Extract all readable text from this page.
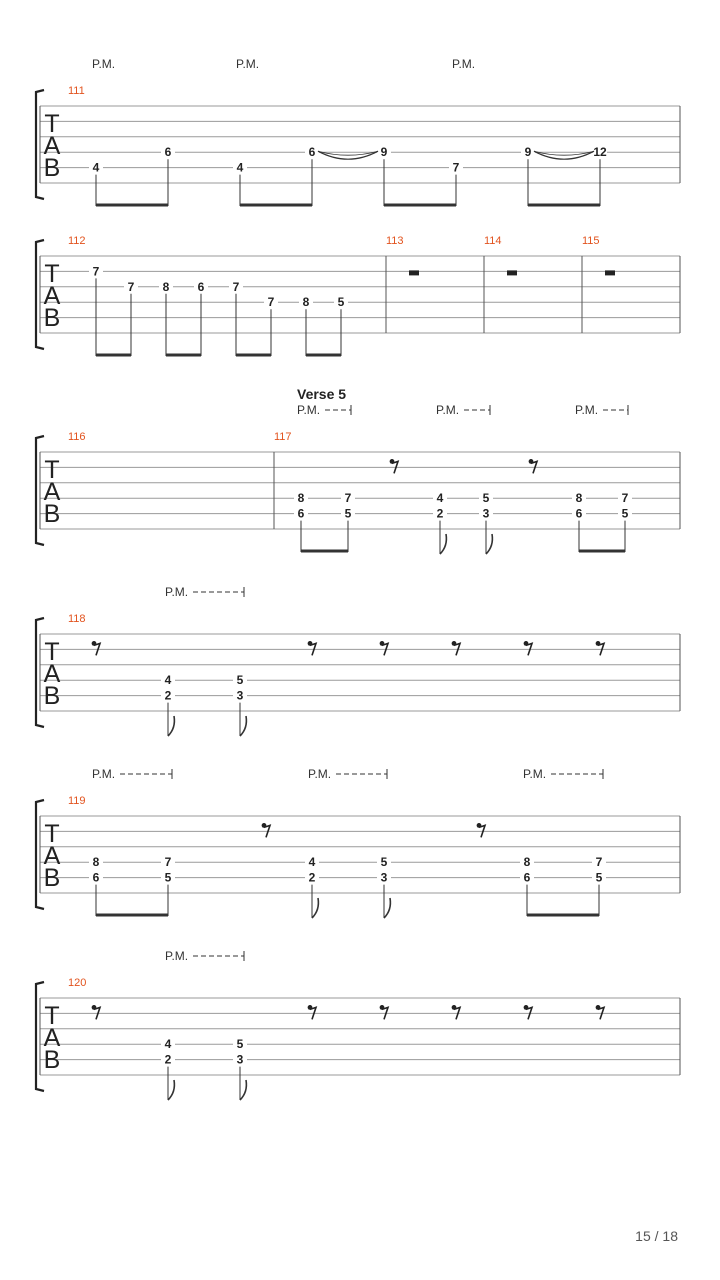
T
A
B
111
P.M.	P.M.	P.M.
4
6
4
6	9
7
9	12
T
A
B
112	113	114	115
7
7 8 6 7
7 8 5
T
A
B
116	117
Verse 5
P.M.	P.M.	P.M.
8
6
7
5
4
2
5
3
8
6
7
5
T
A
B
118
P.M.
4
2
5
3
T
A
B
119
P.M.	P.M.	P.M.
8
6
7
5
4
2
5
3
8
6
7
5
T
A
B
120
P.M.
4
2
5
3
15 / 18
